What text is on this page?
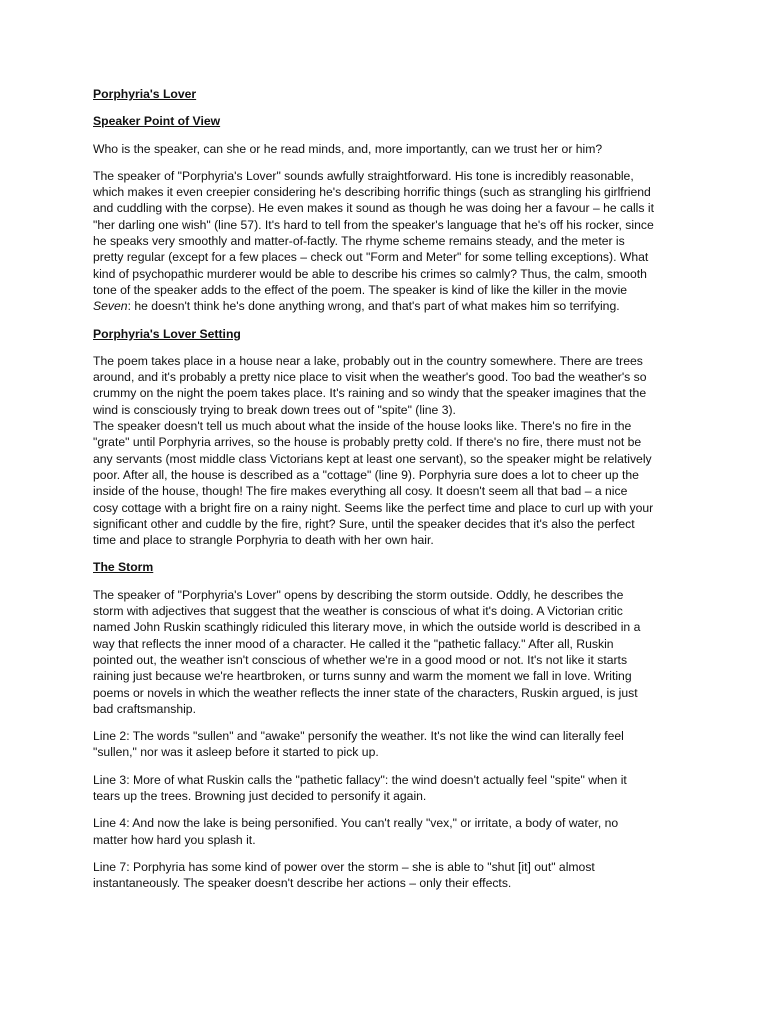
Porphyria's Lover
Speaker Point of View
Who is the speaker, can she or he read minds, and, more importantly, can we trust her or him?
The speaker of "Porphyria's Lover" sounds awfully straightforward. His tone is incredibly reasonable, which makes it even creepier considering he's describing horrific things (such as strangling his girlfriend and cuddling with the corpse). He even makes it sound as though he was doing her a favour – he calls it "her darling one wish" (line 57). It's hard to tell from the speaker's language that he's off his rocker, since he speaks very smoothly and matter-of-factly. The rhyme scheme remains steady, and the meter is pretty regular (except for a few places – check out "Form and Meter" for some telling exceptions). What kind of psychopathic murderer would be able to describe his crimes so calmly? Thus, the calm, smooth tone of the speaker adds to the effect of the poem. The speaker is kind of like the killer in the movie Seven: he doesn't think he's done anything wrong, and that's part of what makes him so terrifying.
Porphyria's Lover Setting
The poem takes place in a house near a lake, probably out in the country somewhere. There are trees around, and it's probably a pretty nice place to visit when the weather's good. Too bad the weather's so crummy on the night the poem takes place. It's raining and so windy that the speaker imagines that the wind is consciously trying to break down trees out of "spite" (line 3).
The speaker doesn't tell us much about what the inside of the house looks like. There's no fire in the "grate" until Porphyria arrives, so the house is probably pretty cold. If there's no fire, there must not be any servants (most middle class Victorians kept at least one servant), so the speaker might be relatively poor. After all, the house is described as a "cottage" (line 9). Porphyria sure does a lot to cheer up the inside of the house, though! The fire makes everything all cosy. It doesn't seem all that bad – a nice cosy cottage with a bright fire on a rainy night. Seems like the perfect time and place to curl up with your significant other and cuddle by the fire, right? Sure, until the speaker decides that it's also the perfect time and place to strangle Porphyria to death with her own hair.
The Storm
The speaker of "Porphyria's Lover" opens by describing the storm outside. Oddly, he describes the storm with adjectives that suggest that the weather is conscious of what it's doing. A Victorian critic named John Ruskin scathingly ridiculed this literary move, in which the outside world is described in a way that reflects the inner mood of a character. He called it the "pathetic fallacy." After all, Ruskin pointed out, the weather isn't conscious of whether we're in a good mood or not. It's not like it starts raining just because we're heartbroken, or turns sunny and warm the moment we fall in love. Writing poems or novels in which the weather reflects the inner state of the characters, Ruskin argued, is just bad craftsmanship.
Line 2: The words "sullen" and "awake" personify the weather. It's not like the wind can literally feel "sullen," nor was it asleep before it started to pick up.
Line 3: More of what Ruskin calls the "pathetic fallacy": the wind doesn't actually feel "spite" when it tears up the trees. Browning just decided to personify it again.
Line 4: And now the lake is being personified. You can't really "vex," or irritate, a body of water, no matter how hard you splash it.
Line 7: Porphyria has some kind of power over the storm – she is able to "shut [it] out" almost instantaneously. The speaker doesn't describe her actions – only their effects.
